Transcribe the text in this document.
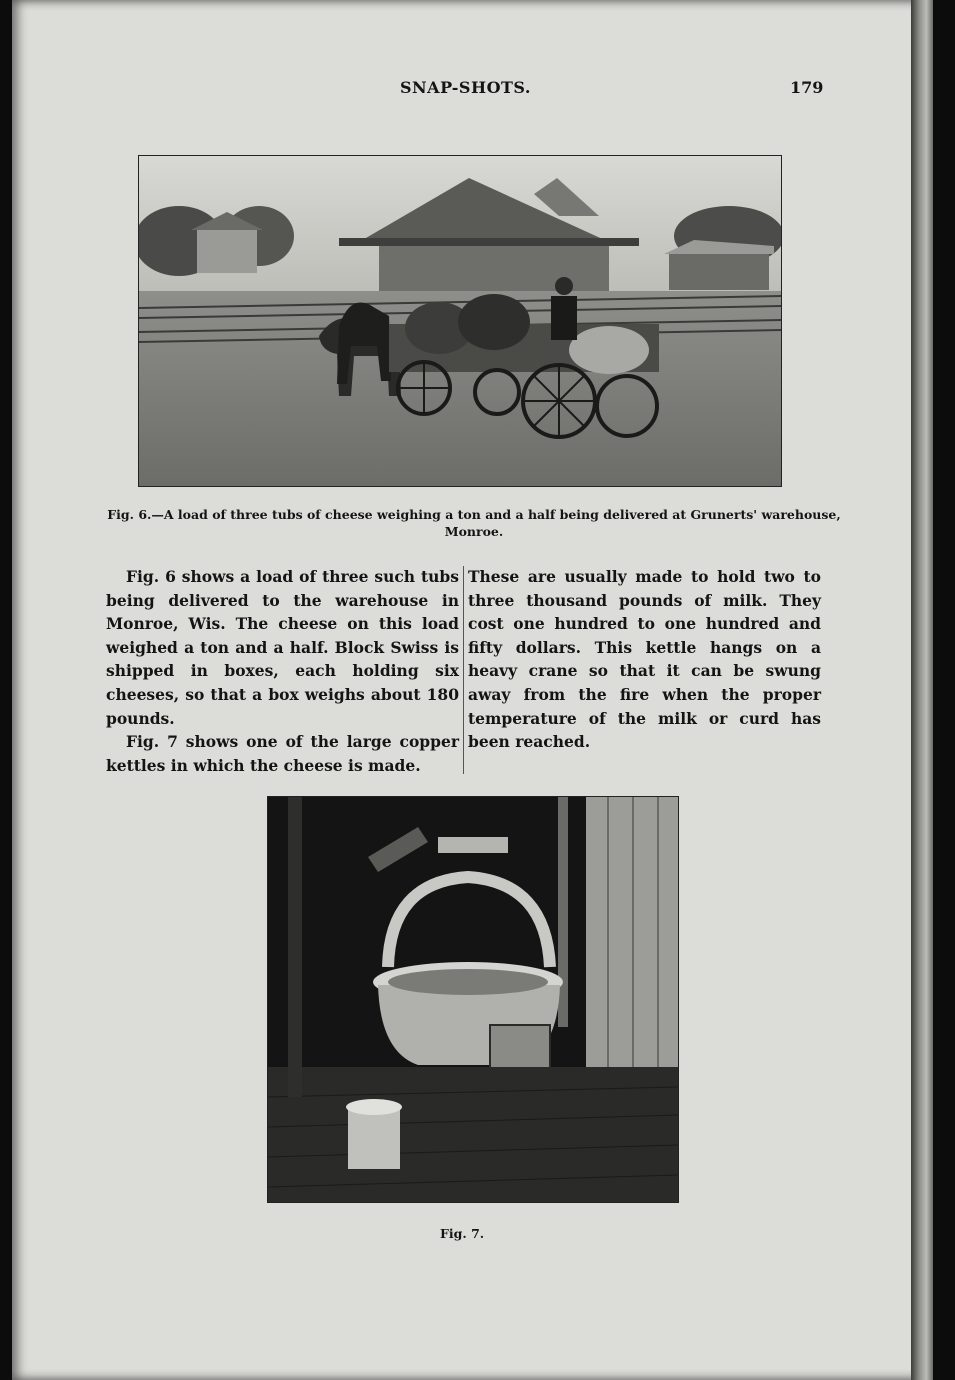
SNAP-SHOTS.	179
Fig. 6.—A load of three tubs of cheese weighing a ton and a half being delivered at Grunerts' warehouse, Monroe.

Fig. 6 shows a load of three such tubs being delivered to the warehouse in Monroe, Wis. The cheese on this load weighed a ton and a half. Block Swiss is shipped in boxes, each holding six cheeses, so that a box weighs about 180 pounds.

Fig. 7 shows one of the large copper kettles in which the cheese is made.

These are usually made to hold two to three thousand pounds of milk. They cost one hundred to one hundred and fifty dollars. This kettle hangs on a heavy crane so that it can be swung away from the fire when the proper temperature of the milk or curd has been reached.

Fig. 7.
